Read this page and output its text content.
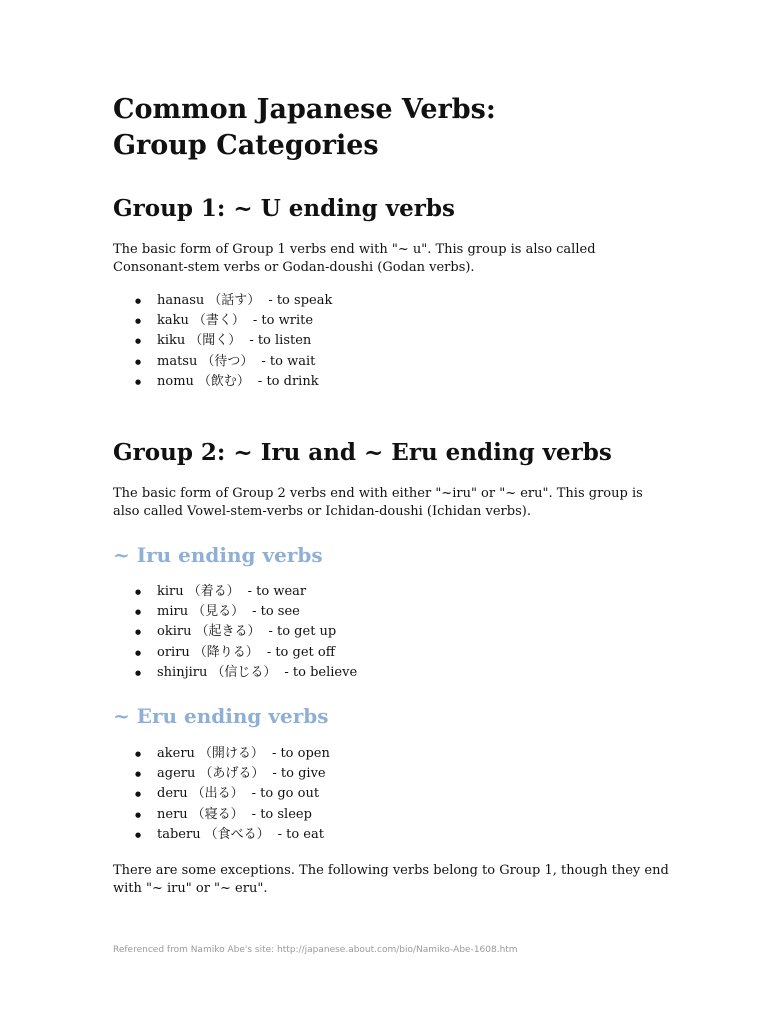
Common Japanese Verbs:
Group Categories
Group 1: ~ U ending verbs

The basic form of Group 1 verbs end with "~ u". This group is also called Consonant-stem verbs or Godan-doushi (Godan verbs).

● hanasu （話す） - to speak
● kaku （書く） - to write
● kiku （聞く） - to listen
● matsu （待つ） - to wait
● nomu （飲む） - to drink
Group 2: ~ Iru and ~ Eru ending verbs

The basic form of Group 2 verbs end with either "~iru" or "~ eru". This group is also called Vowel-stem-verbs or Ichidan-doushi (Ichidan verbs).

~ Iru ending verbs
● kiru （着る） - to wear
● miru （見る） - to see
● okiru （起きる） - to get up
● oriru （降りる） - to get off
● shinjiru （信じる） - to believe
~ Eru ending verbs
● akeru （開ける） - to open
● ageru （あげる） - to give
● deru （出る） - to go out
● neru （寝る） - to sleep
● taberu （食べる） - to eat

There are some exceptions. The following verbs belong to Group 1, though they end with "~ iru" or "~ eru".

Referenced from Namiko Abe's site: http://japanese.about.com/bio/Namiko-Abe-1608.htm
